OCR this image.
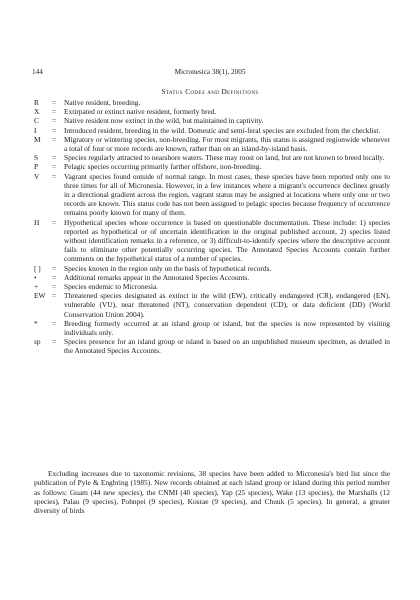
144	Micronesica 38(1), 2005
Status Codes and Definitions
R	=	Native resident, breeding.
X	=	Extirpated or extinct native resident, formerly bred.
C	=	Native resident now extinct in the wild, but maintained in captivity.
I	=	Introduced resident, breeding in the wild. Domestic and semi-feral species are excluded from the checklist.
M	=	Migratory or wintering species, non-breeding. For most migrants, this status is assigned regionwide whenever a total of four or more records are known, rather than on an island-by-island basis.
S	=	Species regularly attracted to nearshore waters. These may roost on land, but are not known to breed locally.
P	=	Pelagic species occurring primarily farther offshore, non-breeding.
V	=	Vagrant species found outside of normal range. In most cases, these species have been reported only one to three times for all of Micronesia. However, in a few instances where a migrant's occurrence declines greatly in a directional gradient across the region, vagrant status may be assigned at locations where only one or two records are known. This status code has not been assigned to pelagic species because frequency of occurrence remains poorly known for many of them.
H	=	Hypothetical species whose occurrence is based on questionable documentation. These include: 1) species reported as hypothetical or of uncertain identification in the original published account, 2) species listed without identification remarks in a reference, or 3) difficult-to-identify species where the descriptive account fails to eliminate other potentially occurring species. The Annotated Species Accounts contain further comments on the hypothetical status of a number of species.
[ ]	=	Species known in the region only on the basis of hypothetical records.
•	=	Additional remarks appear in the Annotated Species Accounts.
+	=	Species endemic to Micronesia.
EW =	Threatened species designated as extinct in the wild (EW), critically endangered (CR), endangered (EN), vulnerable (VU), near threatened (NT), conservation dependent (CD), or data deficient (DD) (World Conservation Union 2004).
*	=	Breeding formerly occurred at an island group or island, but the species is now represented by visiting individuals only.
sp	=	Species presence for an island group or island is based on an unpublished museum specimen, as detailed in the Annotated Species Accounts.

Excluding increases due to taxonomic revisions, 38 species have been added to Micronesia's bird list since the publication of Pyle & Engbring (1985). New records obtained at each island group or island during this period number as follows: Guam (44 new species), the CNMI (40 species), Yap (25 species), Wake (13 species), the Marshalls (12 species), Palau (9 species), Pohnpei (9 species), Kosrae (9 species), and Chuuk (5 species). In general, a greater diversity of birds
